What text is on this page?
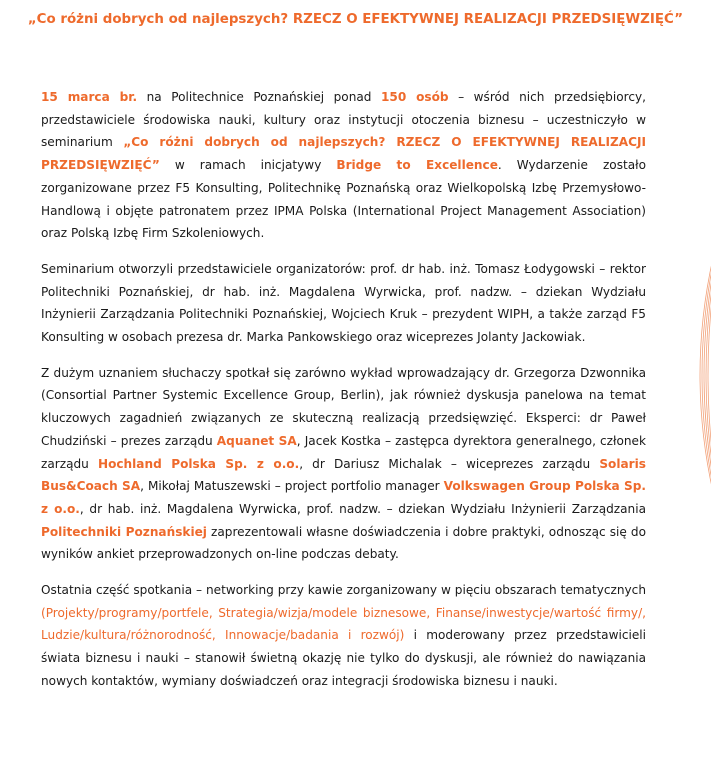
„Co różni dobrych od najlepszych? RZECZ O EFEKTYWNEJ REALIZACJI PRZEDSIĘWZIĘĆ”

15 marca br. na Politechnice Poznańskiej ponad 150 osób – wśród nich przedsiębiorcy, przedstawiciele środowiska nauki, kultury oraz instytucji otoczenia biznesu – uczestniczyło w seminarium „Co różni dobrych od najlepszych? RZECZ O EFEKTYWNEJ REALIZACJI PRZEDSIĘWZIĘĆ” w ramach inicjatywy Bridge to Excellence. Wydarzenie zostało zorganizowane przez F5 Konsulting, Politechnikę Poznańską oraz Wielkopolską Izbę Przemysłowo-Handlową i objęte patronatem przez IPMA Polska (International Project Management Association) oraz Polską Izbę Firm Szkoleniowych.

Seminarium otworzyli przedstawiciele organizatorów: prof. dr hab. inż. Tomasz Łodygowski – rektor Politechniki Poznańskiej, dr hab. inż. Magdalena Wyrwicka, prof. nadzw. – dziekan Wydziału Inżynierii Zarządzania Politechniki Poznańskiej, Wojciech Kruk – prezydent WIPH, a także zarząd F5 Konsulting w osobach prezesa dr. Marka Pankowskiego oraz wiceprezes Jolanty Jackowiak.

Z dużym uznaniem słuchaczy spotkał się zarówno wykład wprowadzający dr. Grzegorza Dzwonnika (Consortial Partner Systemic Excellence Group, Berlin), jak również dyskusja panelowa na temat kluczowych zagadnień związanych ze skuteczną realizacją przedsięwzięć. Eksperci: dr Paweł Chudziński – prezes zarządu Aquanet SA, Jacek Kostka – zastępca dyrektora generalnego, członek zarządu Hochland Polska Sp. z o.o., dr Dariusz Michalak – wiceprezes zarządu Solaris Bus&Coach SA, Mikołaj Matuszewski – project portfolio manager Volkswagen Group Polska Sp. z o.o., dr hab. inż. Magdalena Wyrwicka, prof. nadzw. – dziekan Wydziału Inżynierii Zarządzania Politechniki Poznańskiej zaprezentowali własne doświadczenia i dobre praktyki, odnosząc się do wyników ankiet przeprowadzonych on-line podczas debaty.

Ostatnia część spotkania – networking przy kawie zorganizowany w pięciu obszarach tematycznych (Projekty/programy/portfele, Strategia/wizja/modele biznesowe, Finanse/inwestycje/wartość firmy/, Ludzie/kultura/różnorodność, Innowacje/badania i rozwój) i moderowany przez przedstawicieli świata biznesu i nauki – stanowił świetną okazję nie tylko do dyskusji, ale również do nawiązania nowych kontaktów, wymiany doświadczeń oraz integracji środowiska biznesu i nauki.
